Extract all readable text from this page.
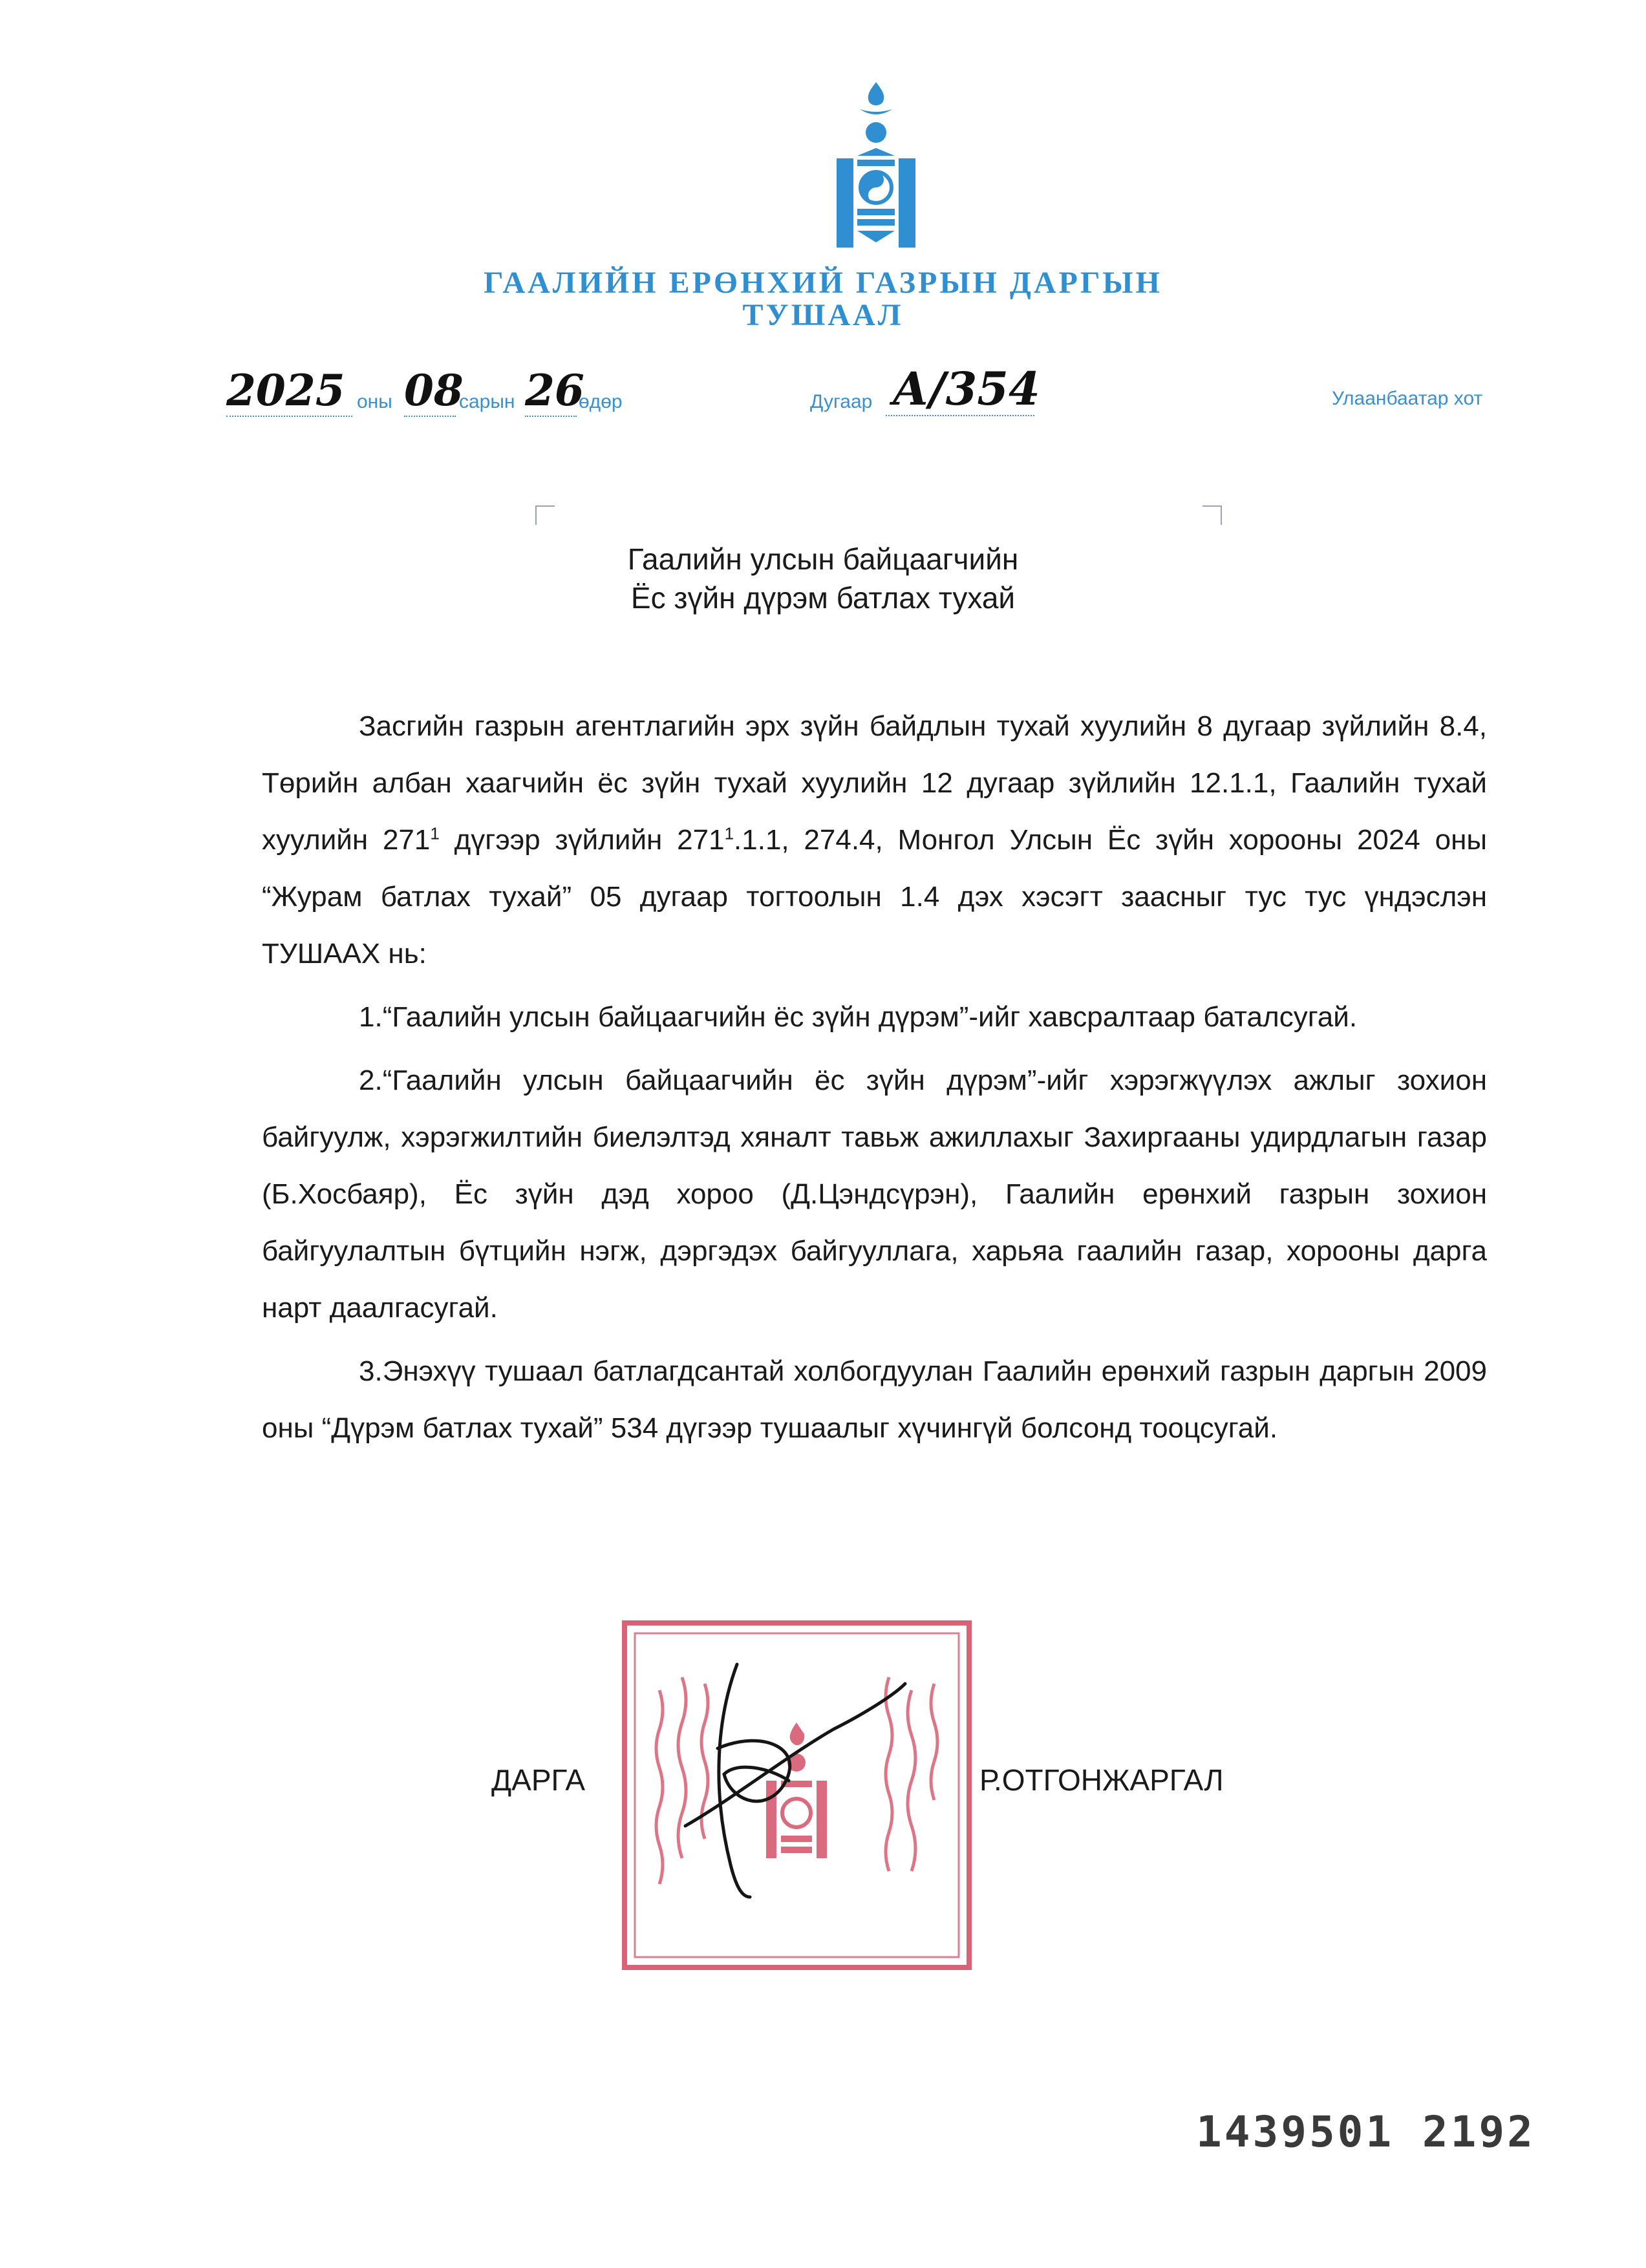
ГААЛИЙН ЕРӨНХИЙ ГАЗРЫН ДАРГЫН
ТУШААЛ
2025 оны 08
сарын 26
өдөр	Дугаар А/354	Улаанбаатар хот
Гаалийн улсын байцаагчийн
Ёс зүйн дүрэм батлах тухай

Засгийн газрын агентлагийн эрх зүйн байдлын тухай хуулийн 8 дугаар зүйлийн 8.4, Төрийн албан хаагчийн ёс зүйн тухай хуулийн 12 дугаар зүйлийн 12.1.1, Гаалийн тухай хуулийн $271^1$ дүгээр зүйлийн $271^1.1.1$, 274.4, Монгол Улсын Ёс зүйн хорооны 2024 оны “Журам батлах тухай” 05 дугаар тогтоолын 1.4 дэх хэсэгт заасныг тус тус үндэслэн ТУШААХ нь:

1.“Гаалийн улсын байцаагчийн ёс зүйн дүрэм”-ийг хавсралтаар баталсугай.

2.“Гаалийн улсын байцаагчийн ёс зүйн дүрэм”-ийг хэрэгжүүлэх ажлыг зохион байгуулж, хэрэгжилтийн биелэлтэд хяналт тавьж ажиллахыг Захиргааны удирдлагын газар (Б.Хосбаяр), Ёс зүйн дэд хороо (Д.Цэндсүрэн), Гаалийн ерөнхий газрын зохион байгуулалтын бүтцийн нэгж, дэргэдэх байгууллага, харьяа гаалийн газар, хорооны дарга нарт даалгасугай.

3.Энэхүү тушаал батлагдсантай холбогдуулан Гаалийн ерөнхий газрын даргын 2009 оны “Дүрэм батлах тухай” 534 дүгээр тушаалыг хүчингүй болсонд тооцсугай.

ДАРГА	Р.ОТГОНЖАРГАЛ
1439501 2192
